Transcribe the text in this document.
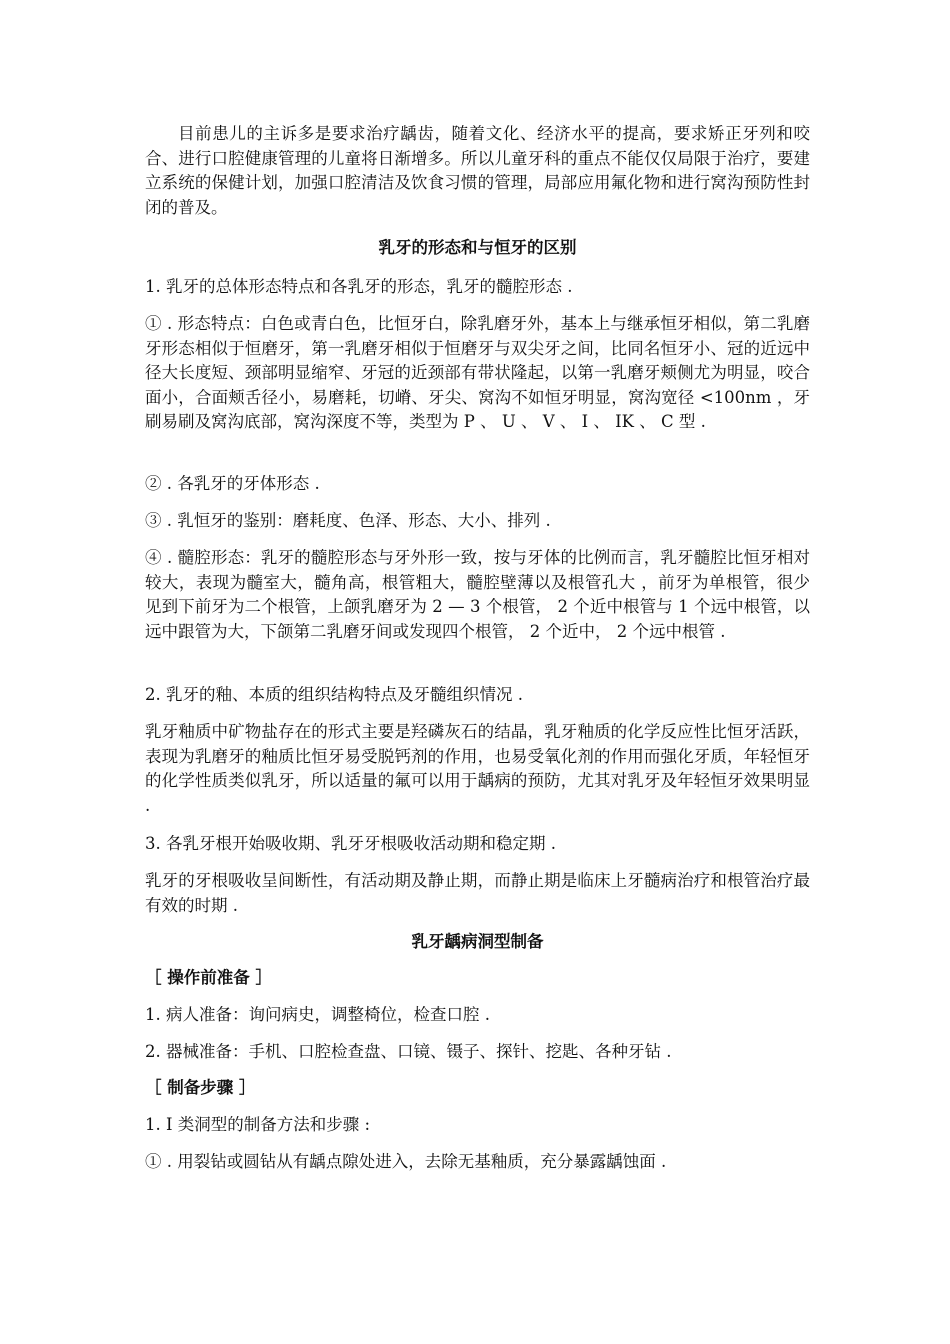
目前患儿的主诉多是要求治疗龋齿，随着文化、经济水平的提高，要求矫正牙列和咬合、进行口腔健康管理的儿童将日渐增多。所以儿童牙科的重点不能仅仅局限于治疗，要建立系统的保健计划，加强口腔清洁及饮食习惯的管理，局部应用氟化物和进行窝沟预防性封闭的普及。

乳牙的形态和与恒牙的区别

1. 乳牙的总体形态特点和各乳牙的形态，乳牙的髓腔形态 .

① . 形态特点：白色或青白色，比恒牙白，除乳磨牙外，基本上与继承恒牙相似，第二乳磨牙形态相似于恒磨牙，第一乳磨牙相似于恒磨牙与双尖牙之间，比同名恒牙小、冠的近远中径大长度短、颈部明显缩窄、牙冠的近颈部有带状隆起，以第一乳磨牙颊侧尤为明显，咬合面小，合面颊舌径小，易磨耗，切嵴、牙尖、窝沟不如恒牙明显，窝沟宽径 <100nm ，牙刷易刷及窝沟底部，窝沟深度不等，类型为 P 、 U 、 V 、 I 、 IK 、 C 型 .

② . 各乳牙的牙体形态 .

③ . 乳恒牙的鉴别：磨耗度、色泽、形态、大小、排列 .

④ . 髓腔形态：乳牙的髓腔形态与牙外形一致，按与牙体的比例而言，乳牙髓腔比恒牙相对较大，表现为髓室大，髓角高，根管粗大，髓腔壁薄以及根管孔大 ，前牙为单根管，很少见到下前牙为二个根管，上颌乳磨牙为 2 — 3 个根管， 2 个近中根管与 1 个远中根管，以远中跟管为大，下颌第二乳磨牙间或发现四个根管， 2 个近中， 2 个远中根管 .

2. 乳牙的釉、本质的组织结构特点及牙髓组织情况 .

乳牙釉质中矿物盐存在的形式主要是羟磷灰石的结晶，乳牙釉质的化学反应性比恒牙活跃，表现为乳磨牙的釉质比恒牙易受脱钙剂的作用，也易受氧化剂的作用而强化牙质，年轻恒牙的化学性质类似乳牙，所以适量的氟可以用于龋病的预防，尤其对乳牙及年轻恒牙效果明显 .

3. 各乳牙根开始吸收期、乳牙牙根吸收活动期和稳定期 .

乳牙的牙根吸收呈间断性，有活动期及静止期，而静止期是临床上牙髓病治疗和根管治疗最有效的时期 .

乳牙龋病洞型制备

［ 操作前准备 ］

1. 病人准备：询问病史，调整椅位，检查口腔 .

2. 器械准备：手机、口腔检查盘、口镜、镊子、探针、挖匙、各种牙钻 .

［ 制备步骤 ］

1. Ⅰ 类洞型的制备方法和步骤 :

① . 用裂钻或圆钻从有龋点隙处进入，去除无基釉质，充分暴露龋蚀面 .
